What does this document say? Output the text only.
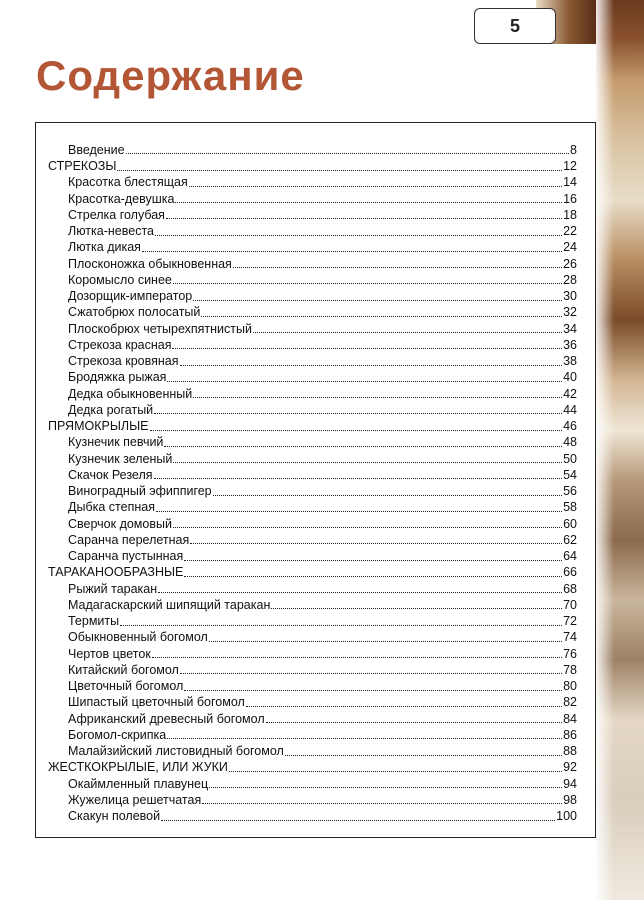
5
Содержание
Введение	8
СТРЕКОЗЫ	12
Красотка блестящая	14
Красотка-девушка	16
Стрелка голубая	18
Лютка-невеста	22
Лютка дикая	24
Плосконожка обыкновенная	26
Коромысло синее	28
Дозорщик-император	30
Сжатобрюх полосатый	32
Плоскобрюх четырехпятнистый	34
Стрекоза красная	36
Стрекоза кровяная	38
Бродяжка рыжая	40
Дедка обыкновенный	42
Дедка рогатый	44
ПРЯМОКРЫЛЫЕ	46
Кузнечик певчий	48
Кузнечик зеленый	50
Скачок Резеля	54
Виноградный эфиппигер	56
Дыбка степная	58
Сверчок домовый	60
Саранча перелетная	62
Саранча пустынная	64
ТАРАКАНООБРАЗНЫЕ	66
Рыжий таракан	68
Мадагаскарский шипящий таракан	70
Термиты	72
Обыкновенный богомол	74
Чертов цветок	76
Китайский богомол	78
Цветочный богомол	80
Шипастый цветочный богомол	82
Африканский древесный богомол	84
Богомол-скрипка	86
Малайзийский листовидный богомол	88
ЖЕСТКОКРЫЛЫЕ, ИЛИ ЖУКИ	92
Окаймленный плавунец	94
Жужелица решетчатая	98
Скакун полевой	100
